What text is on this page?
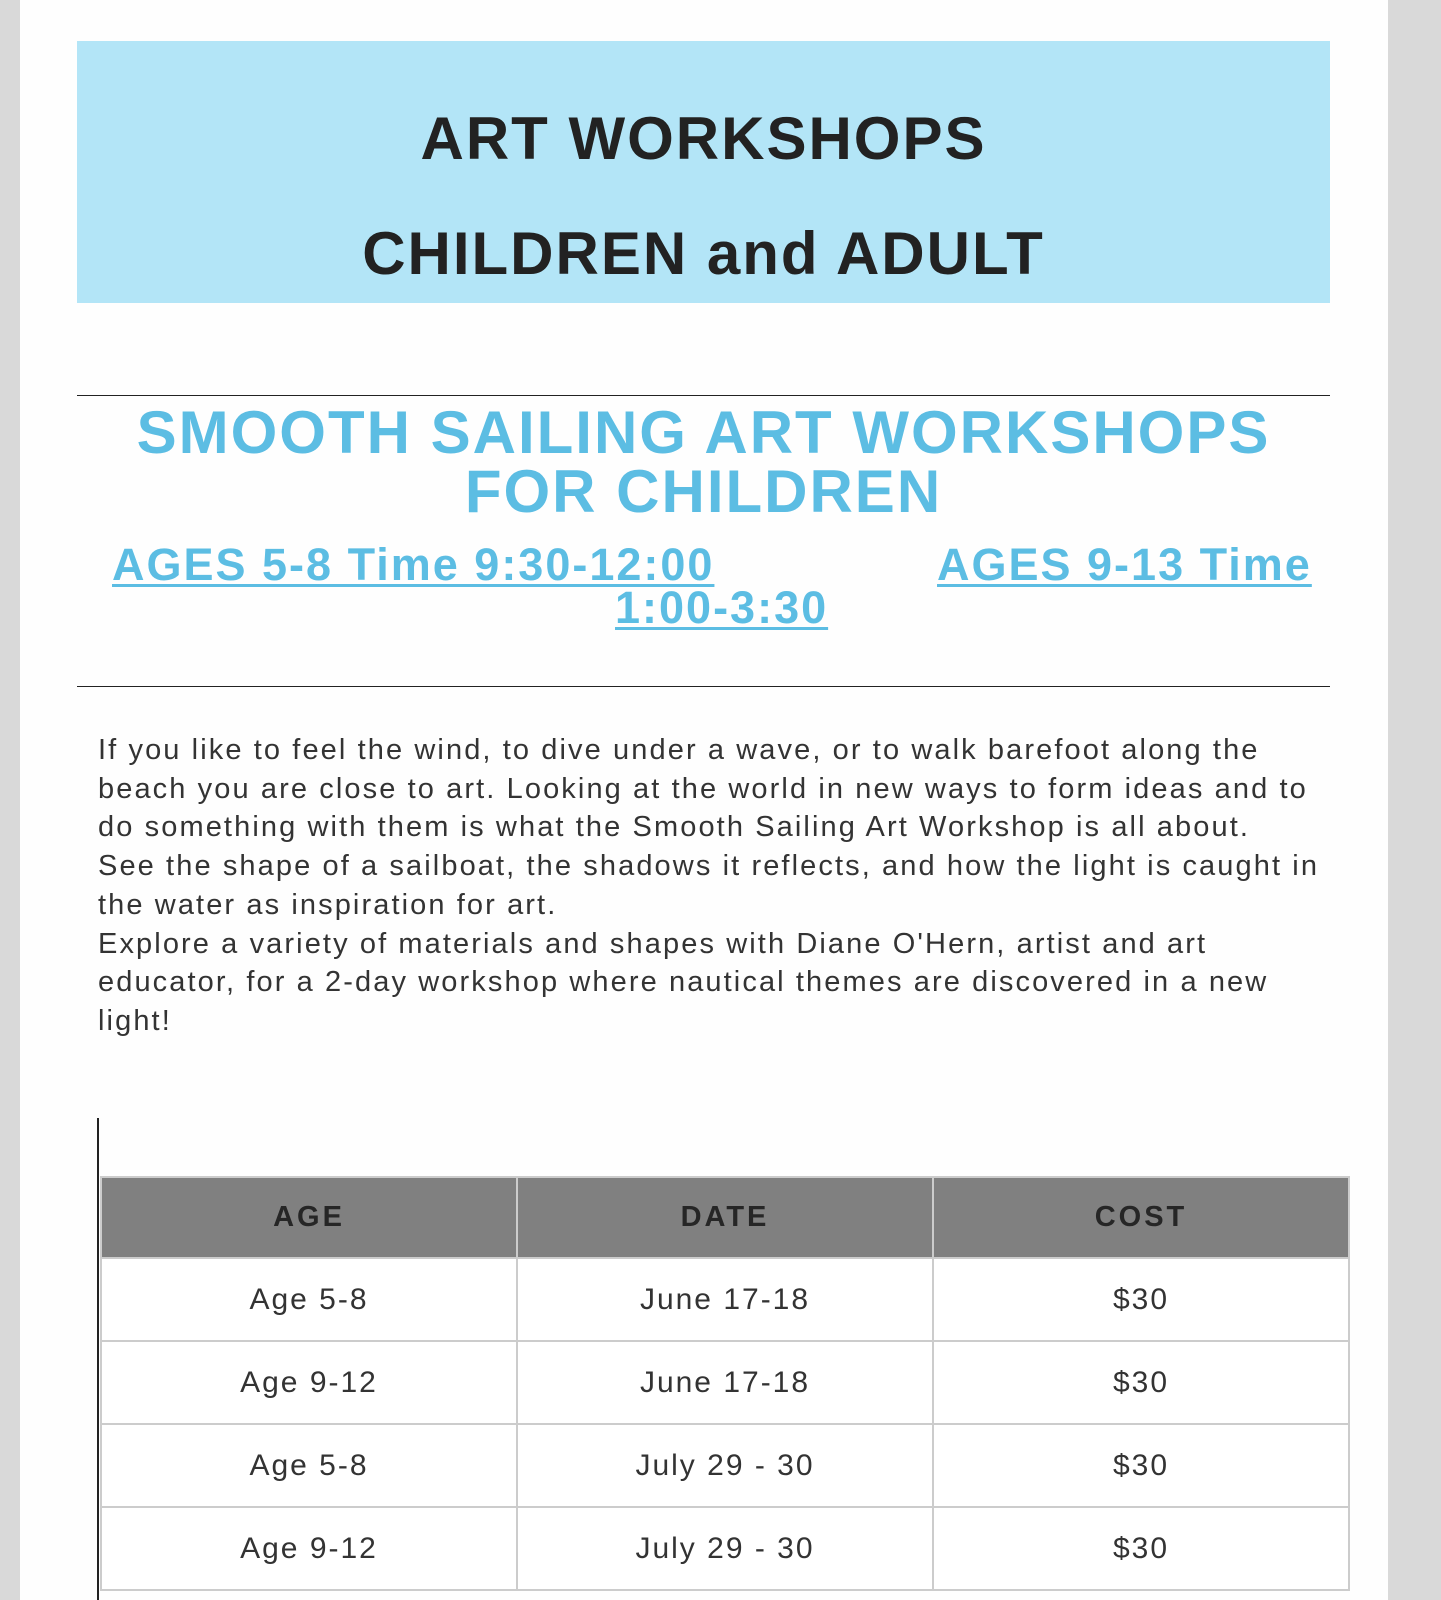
ART WORKSHOPS
CHILDREN and ADULT
SMOOTH SAILING ART WORKSHOPS FOR CHILDREN
AGES 5-8 Time 9:30-12:00	AGES 9-13 Time
1:00-3:30

If you like to feel the wind, to dive under a wave, or to walk barefoot along the beach you are close to art. Looking at the world in new ways to form ideas and to do something with them is what the Smooth Sailing Art Workshop is all about.

See the shape of a sailboat, the shadows it reflects, and how the light is caught in the water as inspiration for art.

Explore a variety of materials and shapes with Diane O'Hern, artist and art educator, for a 2-day workshop where nautical themes are discovered in a new light!

AGE	DATE	COST
Age 5-8	June 17-18	$30
Age 9-12	June 17-18	$30
Age 5-8	July 29 - 30	$30
Age 9-12	July 29 - 30	$30
